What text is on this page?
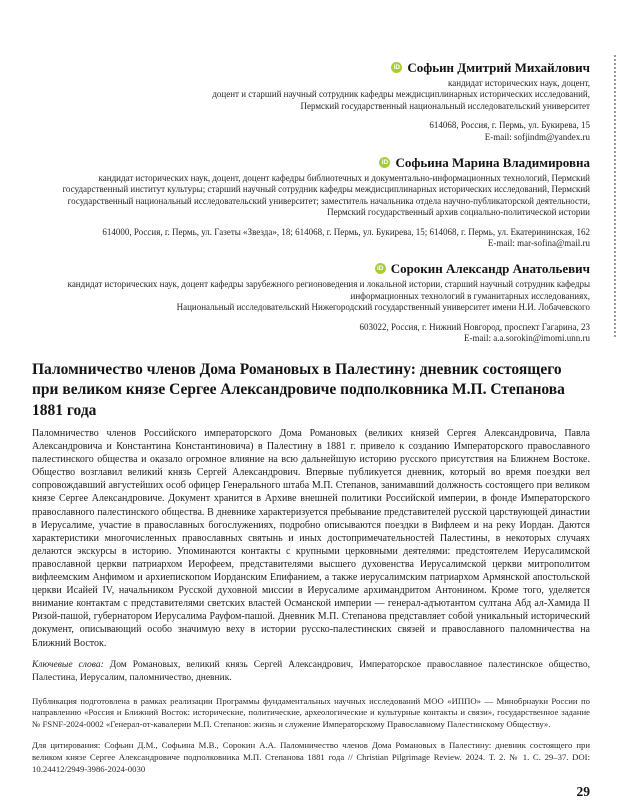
iD Софьин Дмитрий Михайлович
кандидат исторических наук, доцент,
доцент и старший научный сотрудник кафедры междисциплинарных исторических исследований,
Пермский государственный национальный исследовательский университет
614068, Россия, г. Пермь, ул. Букирева, 15
E-mail: sofjindm@yandex.ru
iD Софьина Марина Владимировна
кандидат исторических наук, доцент, доцент кафедры библиотечных и документально-информационных технологий, Пермский государственный институт культуры; старший научный сотрудник кафедры междисциплинарных исторических исследований, Пермский государственный национальный исследовательский университет; заместитель начальника отдела научно-публикаторской деятельности, Пермский государственный архив социально-политической истории
614000, Россия, г. Пермь, ул. Газеты «Звезда», 18; 614068, г. Пермь, ул. Букирева, 15; 614068, г. Пермь, ул. Екатерининская, 162
E-mail: mar-sofina@mail.ru
iD Сорокин Александр Анатольевич
кандидат исторических наук, доцент кафедры зарубежного регионоведения и локальной истории, старший научный сотрудник кафедры информационных технологий в гуманитарных исследованиях,
Национальный исследовательский Нижегородский государственный университет имени Н.И. Лобачевского
603022, Россия, г. Нижний Новгород, проспект Гагарина, 23
E-mail: a.a.sorokin@imomi.unn.ru
Паломничество членов Дома Романовых в Палестину: дневник состоящего при великом князе Сергее Александровиче подполковника М.П. Степанова 1881 года
Паломничество членов Российского императорского Дома Романовых (великих князей Сергея Александровича, Павла Александровича и Константина Константиновича) в Палестину в 1881 г. привело к созданию Императорского православного палестинского общества и оказало огромное влияние на всю дальнейшую историю русского присутствия на Ближнем Востоке. Общество возглавил великий князь Сергей Александрович. Впервые публикуется дневник, который во время поездки вел сопровождавший августейших особ офицер Генерального штаба М.П. Степанов, занимавший должность состоящего при великом князе Сергее Александровиче. Документ хранится в Архиве внешней политики Российской империи, в фонде Императорского православного палестинского общества. В дневнике характеризуется пребывание представителей русской царствующей династии в Иерусалиме, участие в православных богослужениях, подробно описываются поездки в Вифлеем и на реку Иордан. Даются характеристики многочисленных православных святынь и иных достопримечательностей Палестины, в некоторых случаях делаются экскурсы в историю. Упоминаются контакты с крупными церковными деятелями: предстоятелем Иерусалимской православной церкви патриархом Иерофеем, представителями высшего духовенства Иерусалимской церкви митрополитом вифлеемским Анфимом и архиепископом Иорданским Епифанием, а также иерусалимским патриархом Армянской апостольской церкви Исайей IV, начальником Русской духовной миссии в Иерусалиме архимандритом Антонином. Кроме того, уделяется внимание контактам с представителями светских властей Османской империи — генерал-адъютантом султана Абд ал-Хамида II Ризой-пашой, губернатором Иерусалима Рауфом-пашой. Дневник М.П. Степанова представляет собой уникальный исторический документ, описывающий особо значимую веху в истории русско-палестинских связей и православного паломничества на Ближний Восток.

Ключевые слова: Дом Романовых, великий князь Сергей Александрович, Императорское православное палестинское общество, Палестина, Иерусалим, паломничество, дневник.

Публикация подготовлена в рамках реализации Программы фундаментальных научных исследований МОО «ИППО» — Минобрнауки России по направлению «Россия и Ближний Восток: исторические, политические, археологические и культурные контакты и связи», государственное задание № FSNF-2024-0002 «Генерал-от-кавалерии М.П. Степанов: жизнь и служение Императорскому Православному Палестинскому Обществу».

Для цитирования: Софьин Д.М., Софьина М.В., Сорокин А.А. Паломничество членов Дома Романовых в Палестину: дневник состоящего при великом князе Сергее Александровиче подполковника М.П. Степанова 1881 года // Christian Pilgrimage Review. 2024. Т. 2. № 1. С. 29–37. DOI: 10.24412/2949-3986-2024-0030

29
